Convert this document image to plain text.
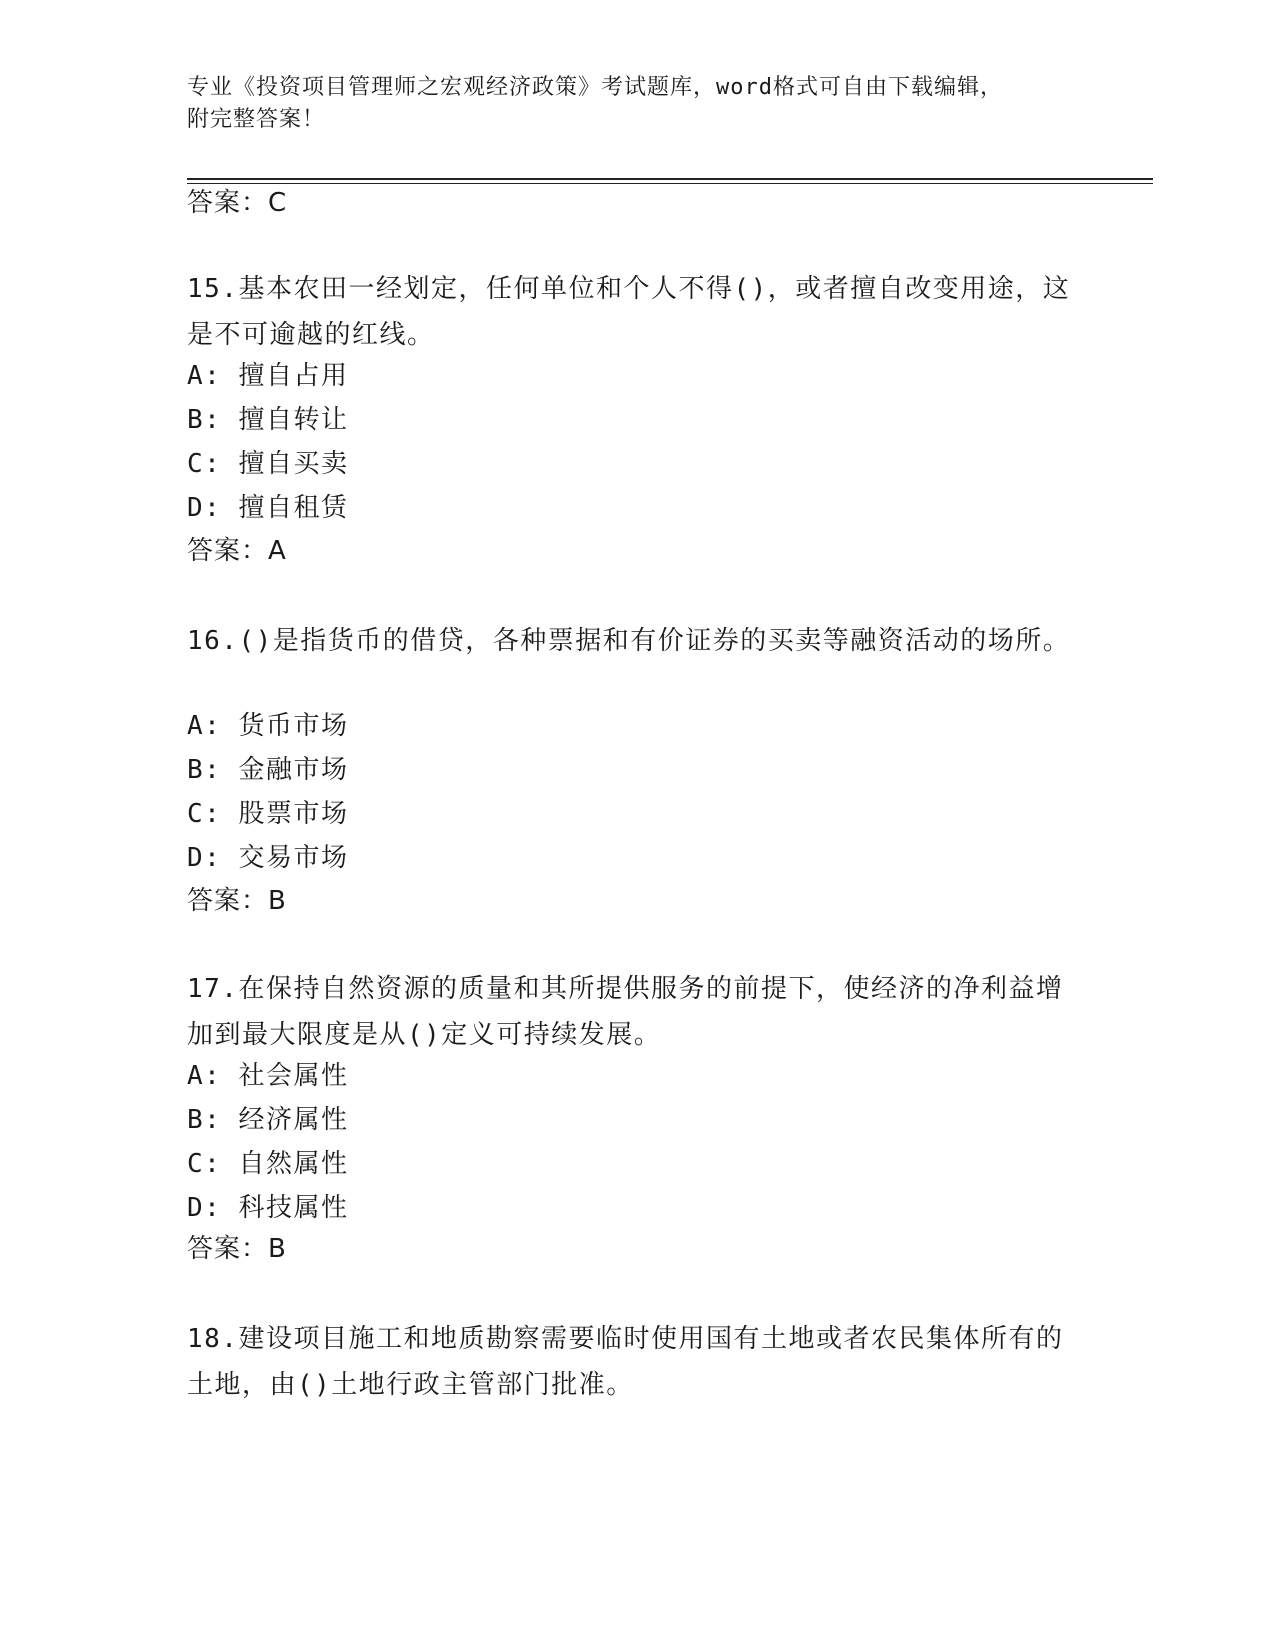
专业《投资项目管理师之宏观经济政策》考试题库，word格式可自由下载编辑，
附完整答案！
答案：C
15.基本农田一经划定，任何单位和个人不得()，或者擅自改变用途，这是不可逾越的红线。
A: 擅自占用
B: 擅自转让
C: 擅自买卖
D: 擅自租赁
答案：A
16.()是指货币的借贷，各种票据和有价证券的买卖等融资活动的场所。
A: 货币市场
B: 金融市场
C: 股票市场
D: 交易市场
答案：B
17.在保持自然资源的质量和其所提供服务的前提下，使经济的净利益增加到最大限度是从()定义可持续发展。
A: 社会属性
B: 经济属性
C: 自然属性
D: 科技属性
答案：B
18.建设项目施工和地质勘察需要临时使用国有土地或者农民集体所有的土地，由()土地行政主管部门批准。
